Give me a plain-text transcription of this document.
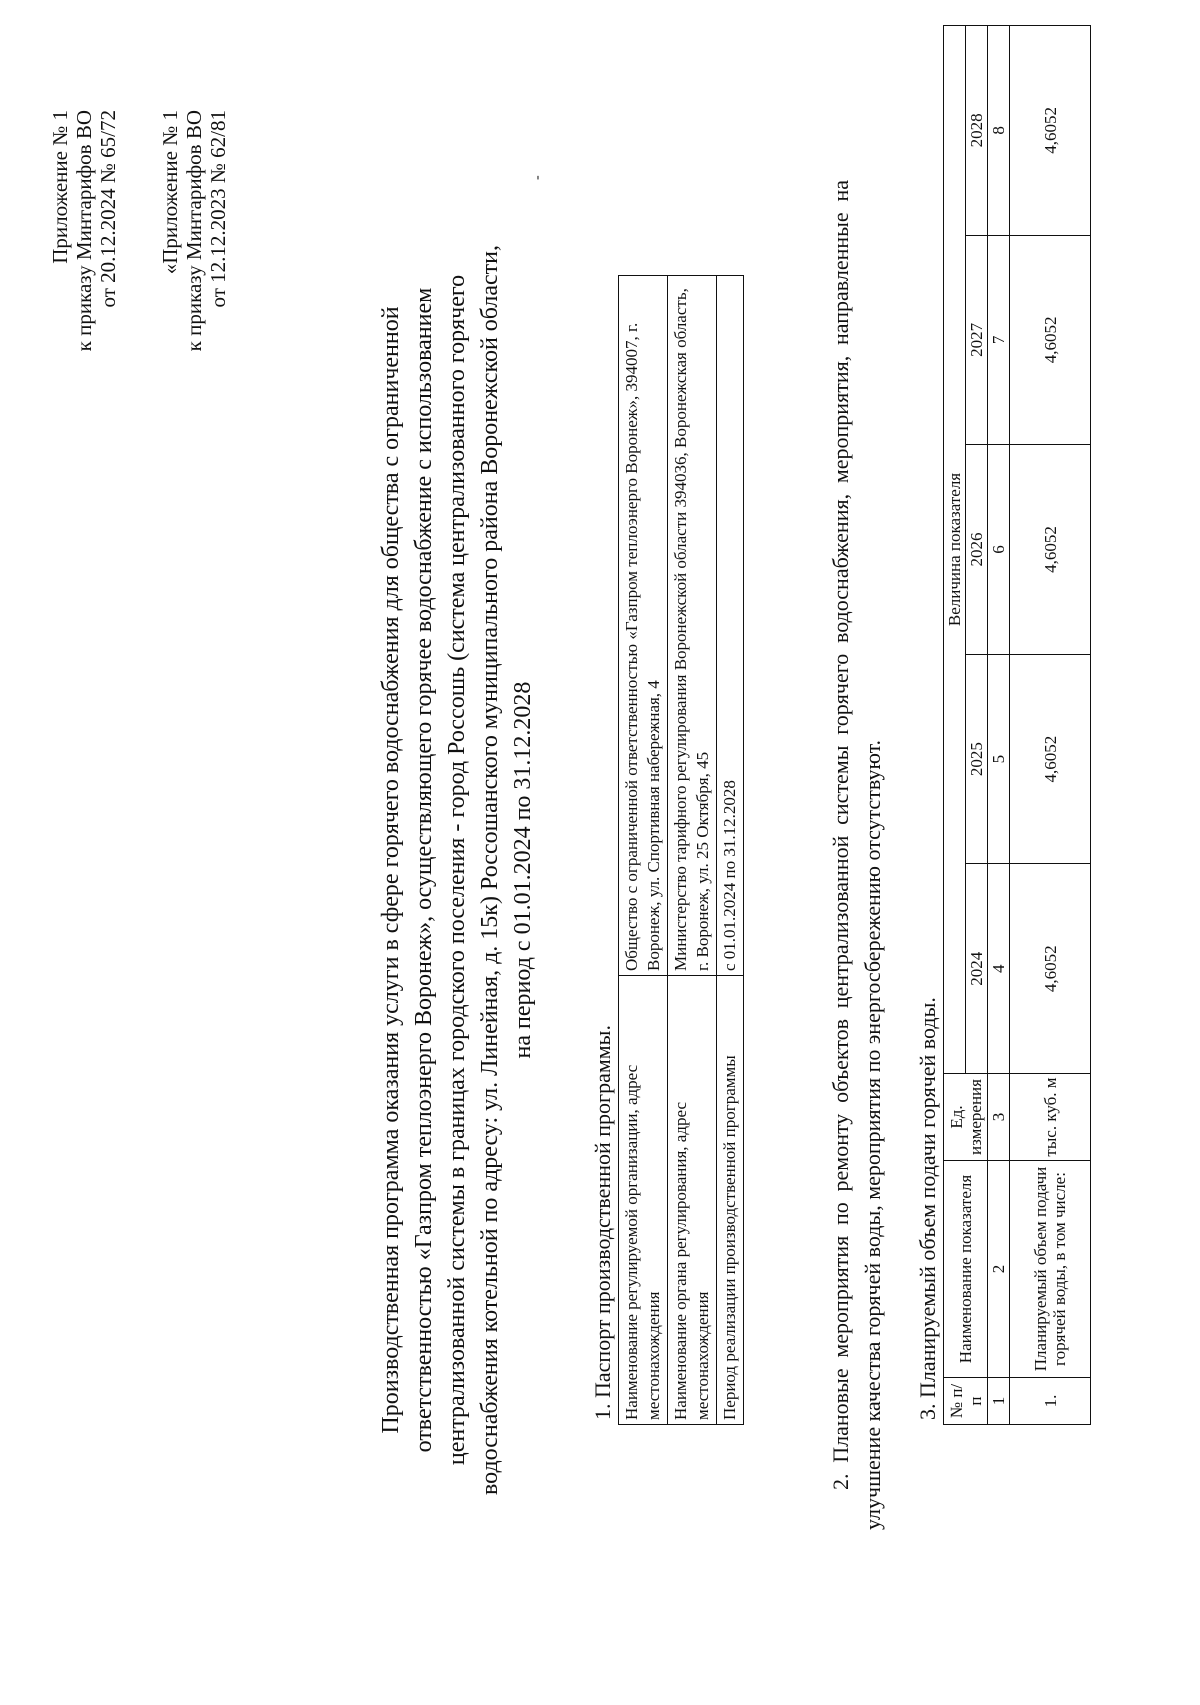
Приложение № 1 к приказу Минтарифов ВО от 20.12.2024 № 65/72 «Приложение № 1 к приказу Минтарифов ВО от 12.12.2023 № 62/81
Производственная программа оказания услуги в сфере горячего водоснабжения для общества с ограниченной ответственностью «Газпром теплоэнерго Воронеж», осуществляющего горячее водоснабжение с использованием централизованной системы в границах городского поселения - город Россошь (система централизованного горячего водоснабжения котельной по адресу: ул. Линейная, д. 15к) Россошанского муниципального района Воронежской области, на период с 01.01.2024 по 31.12.2028
1. Паспорт производственной программы. Наименование регулируемой организации, адрес местонахождения	Общество с ограниченной ответственностью «Газпром теплоэнерго Воронеж», 394007, г. Воронеж, ул. Спортивная набережная, 4
Наименование органа регулирования, адрес местонахождения	Министерство тарифного регулирования Воронежской области 394036, Воронежская область, г. Воронеж, ул. 25 Октября, 45
Период реализации производственной программы	с 01.01.2024 по 31.12.2028	2. Плановые мероприятия по ремонту объектов централизованной системы горячего водоснабжения, мероприятия, направленные на улучшение качества горячей воды, мероприятия по энергосбережению отсутствуют. 3. Планируемый объем подачи горячей воды. № п/п	Наименование показателя	Ед. измерения	Величина показателя				
			2024	2025	2026	2027	2028
1	2	3	4	5	6	7	8
1.	Планируемый объем подачи горячей воды, в том числе:	тыс. куб. м	4,6052	4,6052	4,6052	4,6052	4,6052
-
